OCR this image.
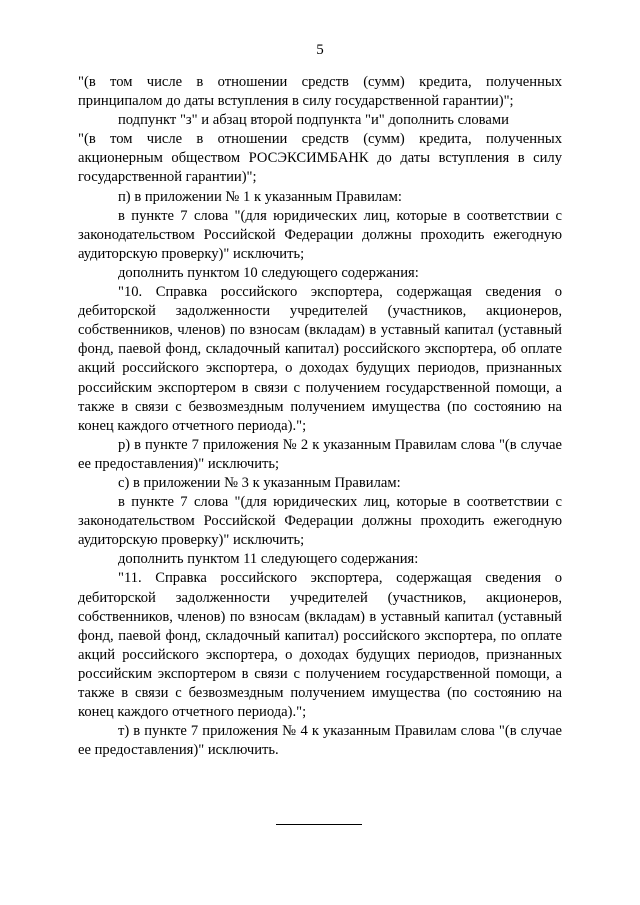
5

"(в том числе в отношении средств (сумм) кредита, полученных принципалом до даты вступления в силу государственной гарантии)";

подпункт "з" и абзац второй подпункта "и" дополнить словами

"(в том числе в отношении средств (сумм) кредита, полученных акционерным обществом РОСЭКСИМБАНК до даты вступления в силу государственной гарантии)";

п) в приложении № 1 к указанным Правилам:

в пункте 7 слова "(для юридических лиц, которые в соответствии с законодательством Российской Федерации должны проходить ежегодную аудиторскую проверку)" исключить;

дополнить пунктом 10 следующего содержания:

"10. Справка российского экспортера, содержащая сведения о дебиторской задолженности учредителей (участников, акционеров, собственников, членов) по взносам (вкладам) в уставный капитал (уставный фонд, паевой фонд, складочный капитал) российского экспортера, об оплате акций российского экспортера, о доходах будущих периодов, признанных российским экспортером в связи с получением государственной помощи, а также в связи с безвозмездным получением имущества (по состоянию на конец каждого отчетного периода).";

р) в пункте 7 приложения № 2 к указанным Правилам слова "(в случае ее предоставления)" исключить;

с) в приложении № 3 к указанным Правилам:

в пункте 7 слова "(для юридических лиц, которые в соответствии с законодательством Российской Федерации должны проходить ежегодную аудиторскую проверку)" исключить;

дополнить пунктом 11 следующего содержания:

"11. Справка российского экспортера, содержащая сведения о дебиторской задолженности учредителей (участников, акционеров, собственников, членов) по взносам (вкладам) в уставный капитал (уставный фонд, паевой фонд, складочный капитал) российского экспортера, по оплате акций российского экспортера, о доходах будущих периодов, признанных российским экспортером в связи с получением государственной помощи, а также в связи с безвозмездным получением имущества (по состоянию на конец каждого отчетного периода).";

т) в пункте 7 приложения № 4 к указанным Правилам слова "(в случае ее предоставления)" исключить.
